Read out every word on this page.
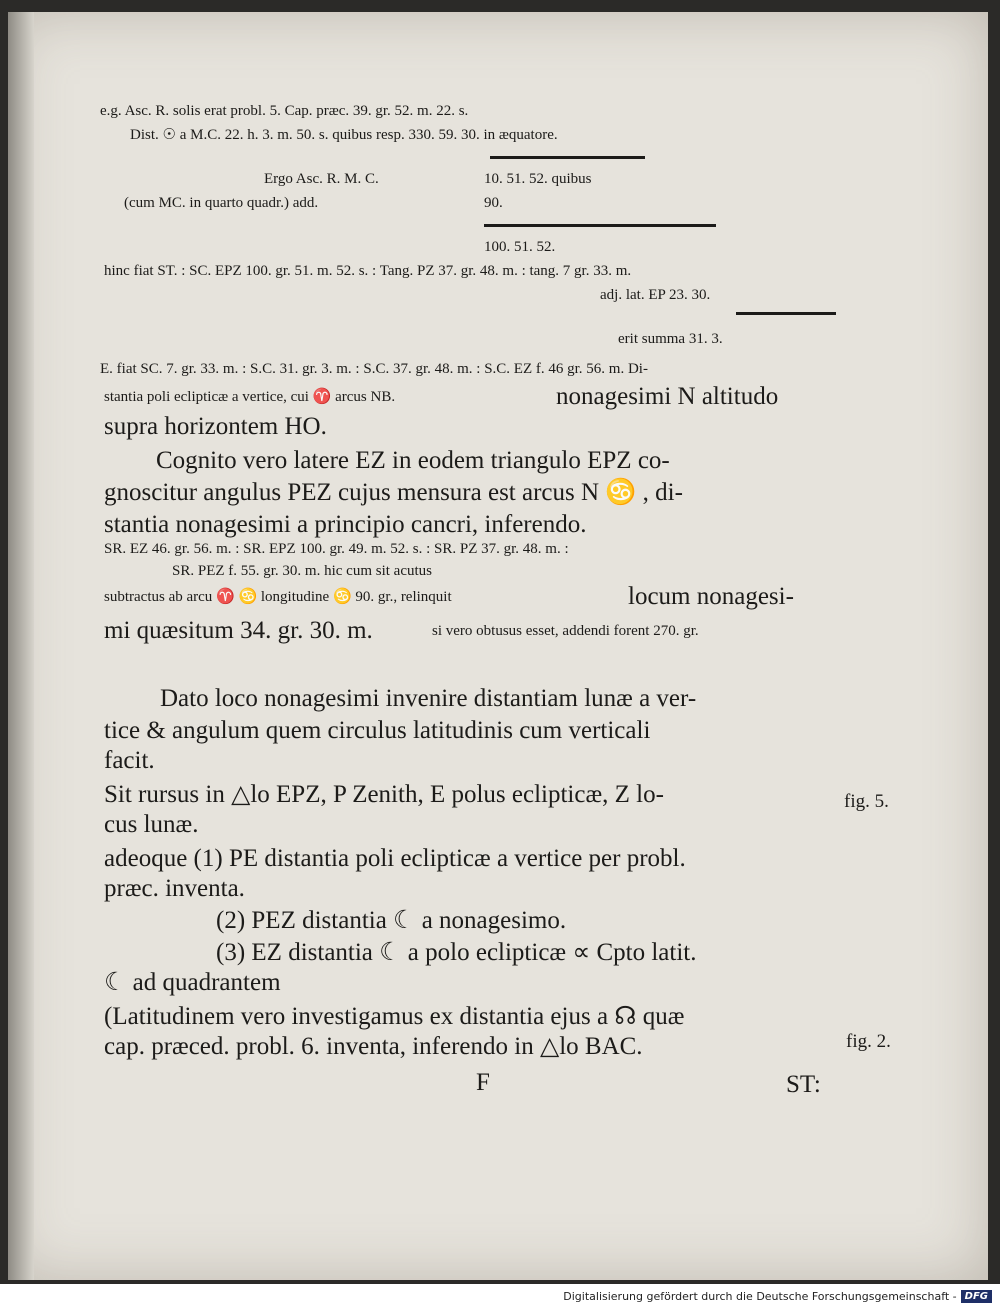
e.g. Asc. R. solis erat probl. 5. Cap. præc. 39. gr. 52. m. 22. s.

Dist. ☉ a M.C. 22. h. 3. m. 50. s. quibus resp. 330. 59. 30. in æquatore.

Ergo Asc. R. M. C.	10. 51. 52. quibus

(cum MC. in quarto quadr.) add.	90.

100. 51. 52.

hinc fiat ST. : SC. EPZ 100. gr. 51. m. 52. s. : Tang. PZ 37. gr. 48. m. : tang. 7 gr. 33. m.

adj. lat. EP 23. 30.

erit summa 31. 3.

E. fiat SC. 7. gr. 33. m. : S.C. 31. gr. 3. m. : S.C. 37. gr. 48. m. : S.C. EZ f. 46 gr. 56. m. Di-

stantia poli eclipticæ a vertice, cui ♈ arcus NB.	nonagesimi N altitudo

supra horizontem HO.

Cognito vero latere EZ in eodem triangulo EPZ co-

gnoscitur angulus PEZ cujus mensura est arcus N ♋ , di-

stantia nonagesimi a principio cancri, inferendo.

SR. EZ 46. gr. 56. m. : SR. EPZ 100. gr. 49. m. 52. s. : SR. PZ 37. gr. 48. m. :

SR. PEZ f. 55. gr. 30. m. hic cum sit acutus

subtractus ab arcu ♈ ♋ longitudine ♋ 90. gr., relinquit	locum nonagesi-

mi quæsitum 34. gr. 30. m.	si vero obtusus esset, addendi forent 270. gr.

Dato loco nonagesimi invenire distantiam lunæ a ver-

tice & angulum quem circulus latitudinis cum verticali

facit.

Sit rursus in △lo EPZ, P Zenith, E polus eclipticæ, Z lo-

cus lunæ.

adeoque (1) PE distantia poli eclipticæ a vertice per probl.

præc. inventa.

(2) PEZ distantia ☾ a nonagesimo.

(3) EZ distantia ☾ a polo eclipticæ ∝ Cpto latit.

☾ ad quadrantem

(Latitudinem vero investigamus ex distantia ejus a ☊ quæ

cap. præced. probl. 6. inventa, inferendo in △lo BAC.

fig. 5.

fig. 2.

F	ST:

Digitalisierung gefördert durch die Deutsche Forschungsgemeinschaft - DFG
